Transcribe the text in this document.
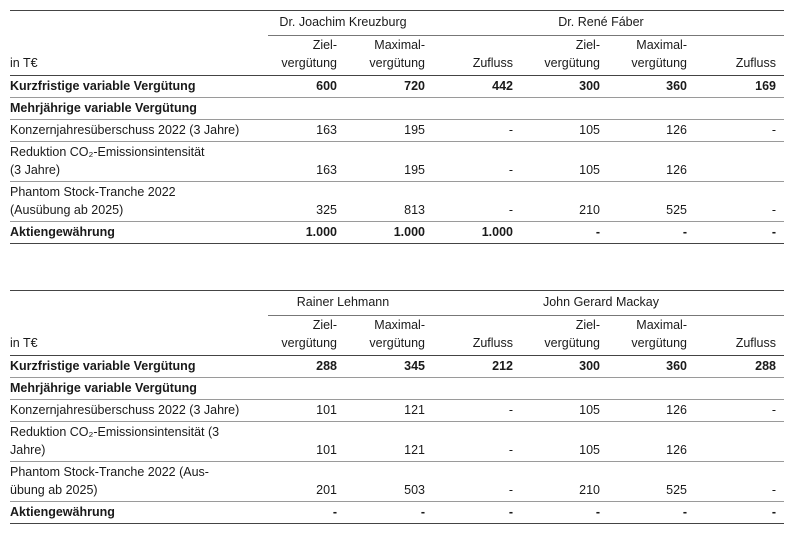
Dr. Joachim Kreuzburg	Dr. René Fáber
in T€
Ziel-
vergütung
Maximal-
vergütung	Zufluss
Ziel-
vergütung
Maximal-
vergütung	Zufluss
Kurzfristige variable Vergütung	600	720	442	300	360	169
Mehrjährige variable Vergütung
Konzernjahresüberschuss 2022 (3 Jahre)	163	195	-	105	126	-
Reduktion CO₂-Emissionsintensität
(3 Jahre)	163	195	-	105	126
Phantom Stock-Tranche 2022
(Ausübung ab 2025)	325	813	-	210	525	-
Aktiengewährung	1.000	1.000	1.000	-	-	-
Rainer Lehmann	John Gerard Mackay
in T€
Ziel-
vergütung
Maximal-
vergütung	Zufluss
Ziel-
vergütung
Maximal-
vergütung	Zufluss
Kurzfristige variable Vergütung	288	345	212	300	360	288
Mehrjährige variable Vergütung
Konzernjahresüberschuss 2022 (3 Jahre)	101	121	-	105	126	-
Reduktion CO₂-Emissionsintensität (3
Jahre)	101	121	-	105	126
Phantom Stock-Tranche 2022 (Aus-
übung ab 2025)	201	503	-	210	525	-
Aktiengewährung	-	-	-	-	-	-
